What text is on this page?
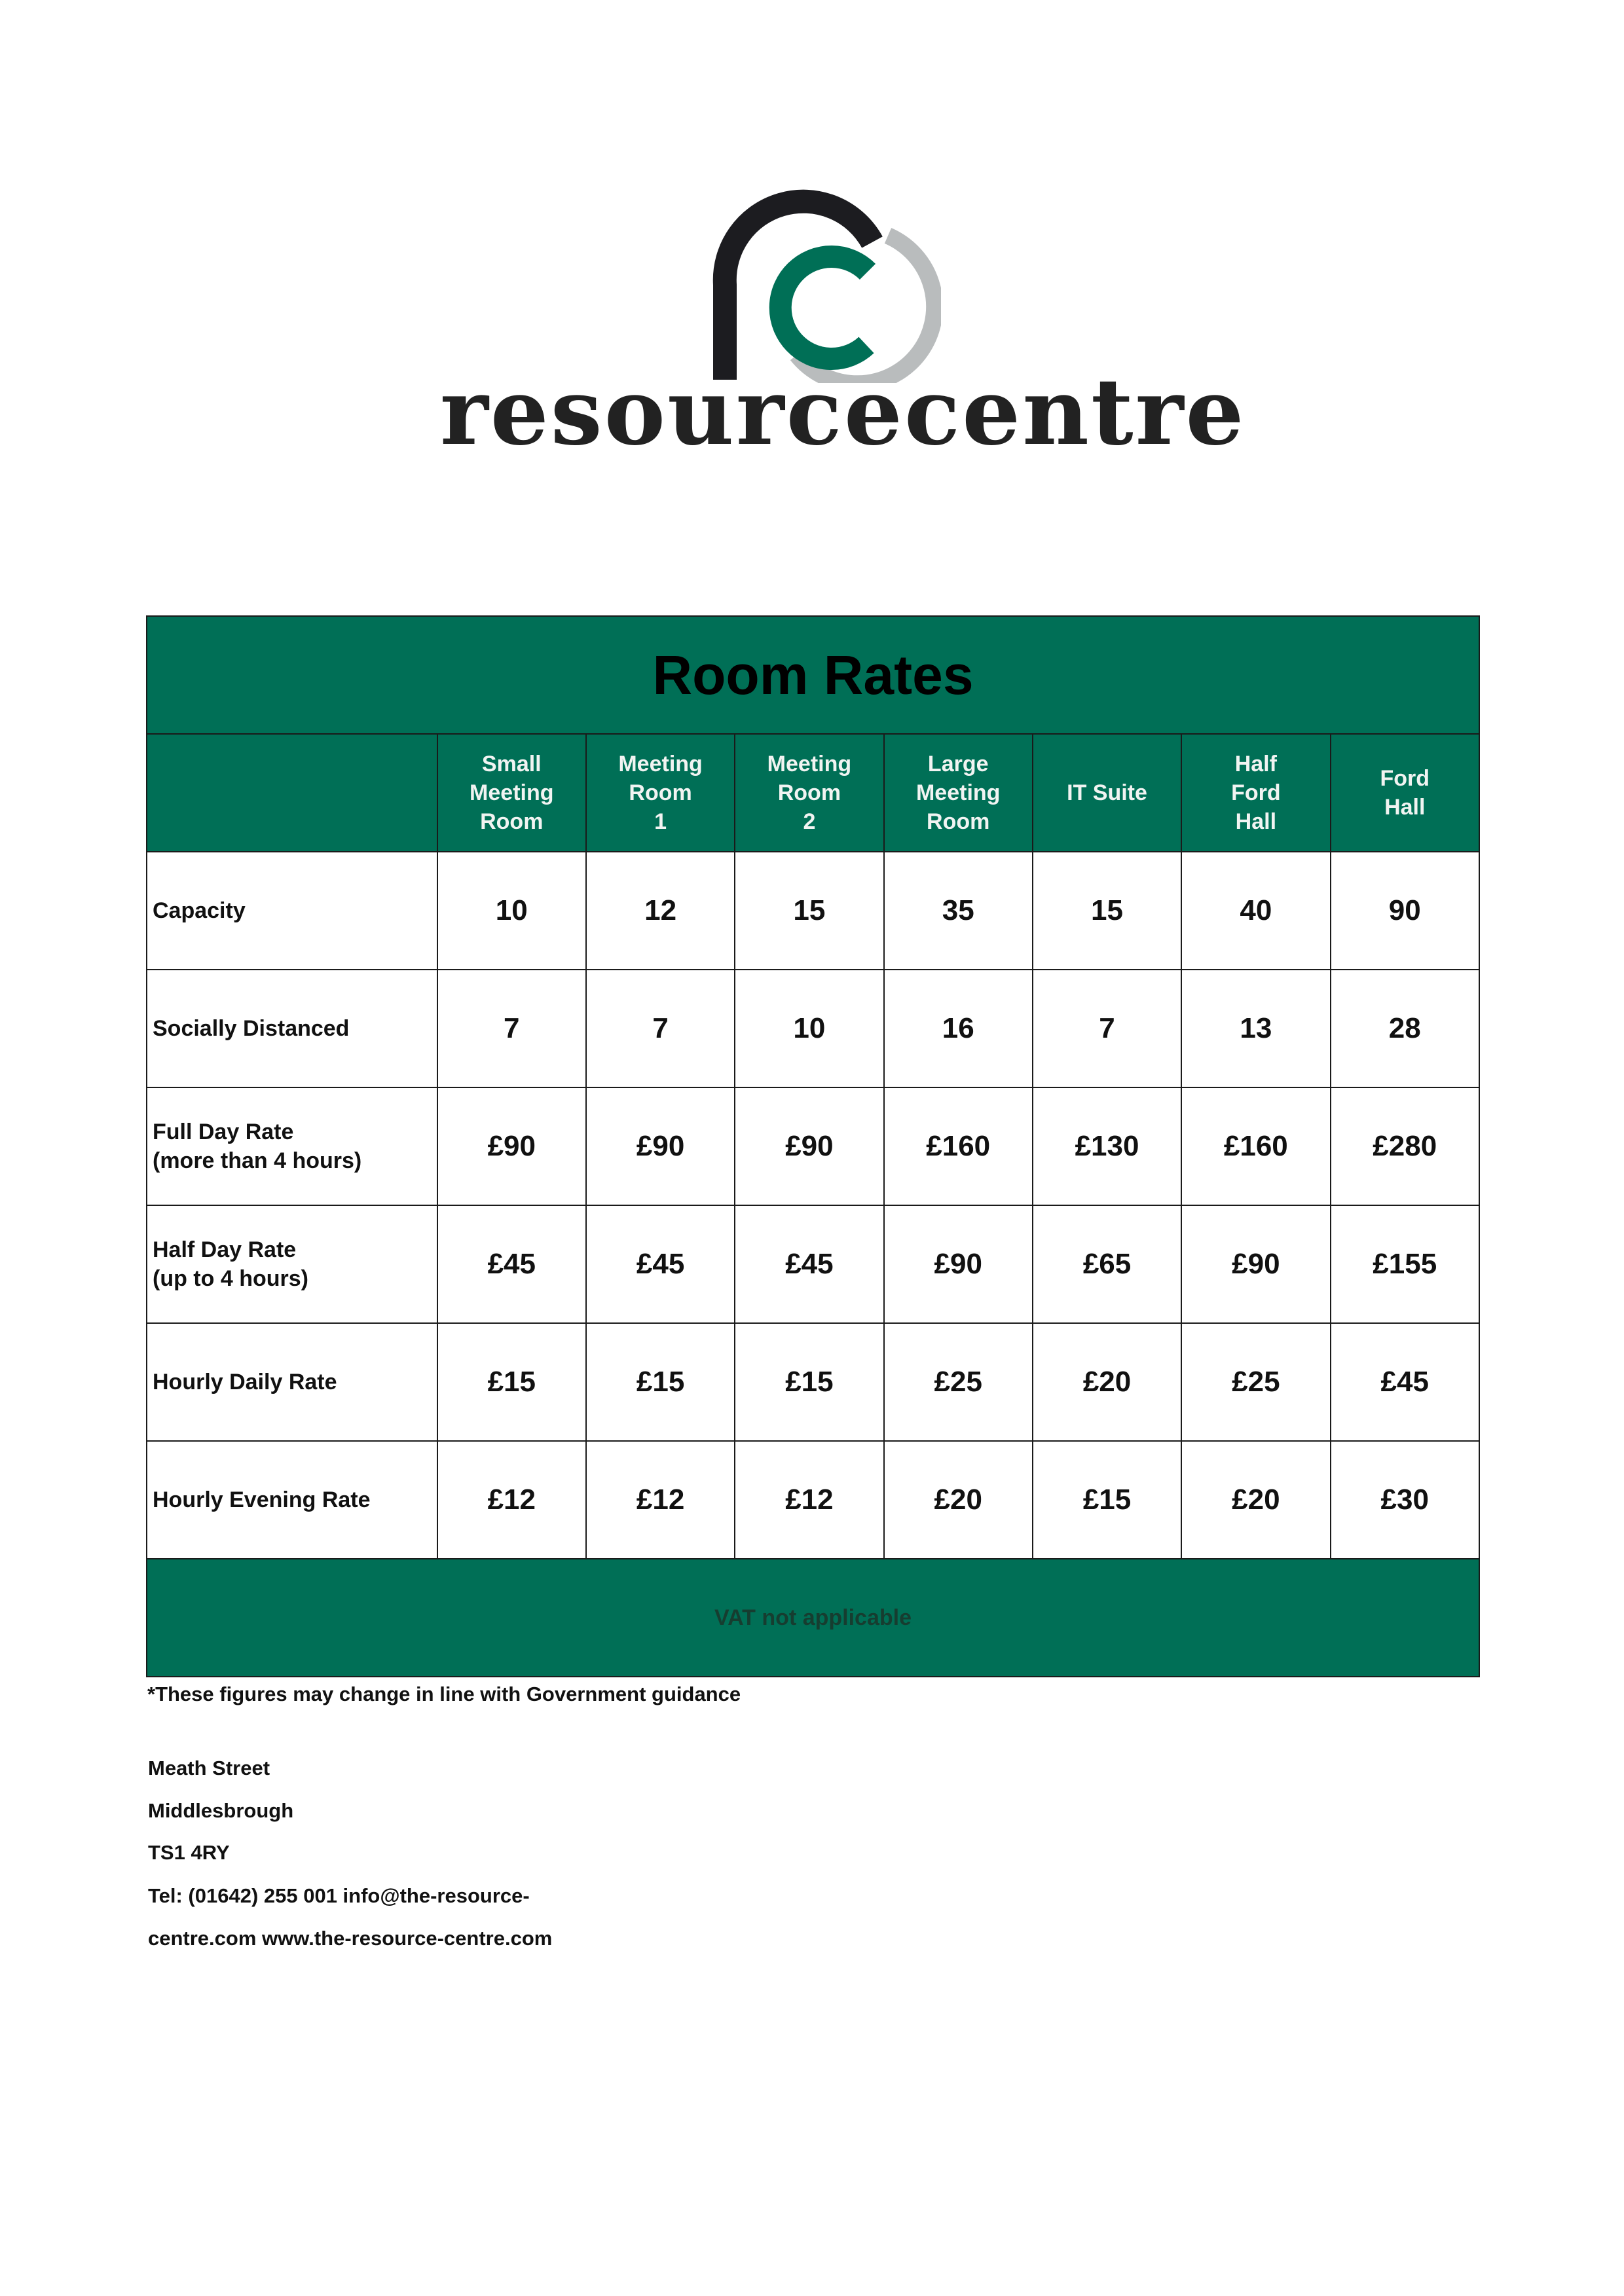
resourcecentre
Room Rates							
	Small
Meeting
Room	Meeting
Room
1	Meeting
Room
2	Large
Meeting
Room	IT Suite	Half
Ford
Hall	Ford
Hall
Capacity	10	12	15	35	15	40	90
Socially Distanced	7	7	10	16	7	13	28
Full Day Rate
(more than 4 hours)	£90	£90	£90	£160	£130	£160	£280
Half Day Rate
(up to 4 hours)	£45	£45	£45	£90	£65	£90	£155
Hourly Daily Rate	£15	£15	£15	£25	£20	£25	£45
Hourly Evening Rate	£12	£12	£12	£20	£15	£20	£30
VAT not applicable							
*These figures may change in line with Government guidance
Meath Street
Middlesbrough
TS1 4RY
Tel: (01642) 255 001 info@the-resource-
centre.com www.the-resource-centre.com
